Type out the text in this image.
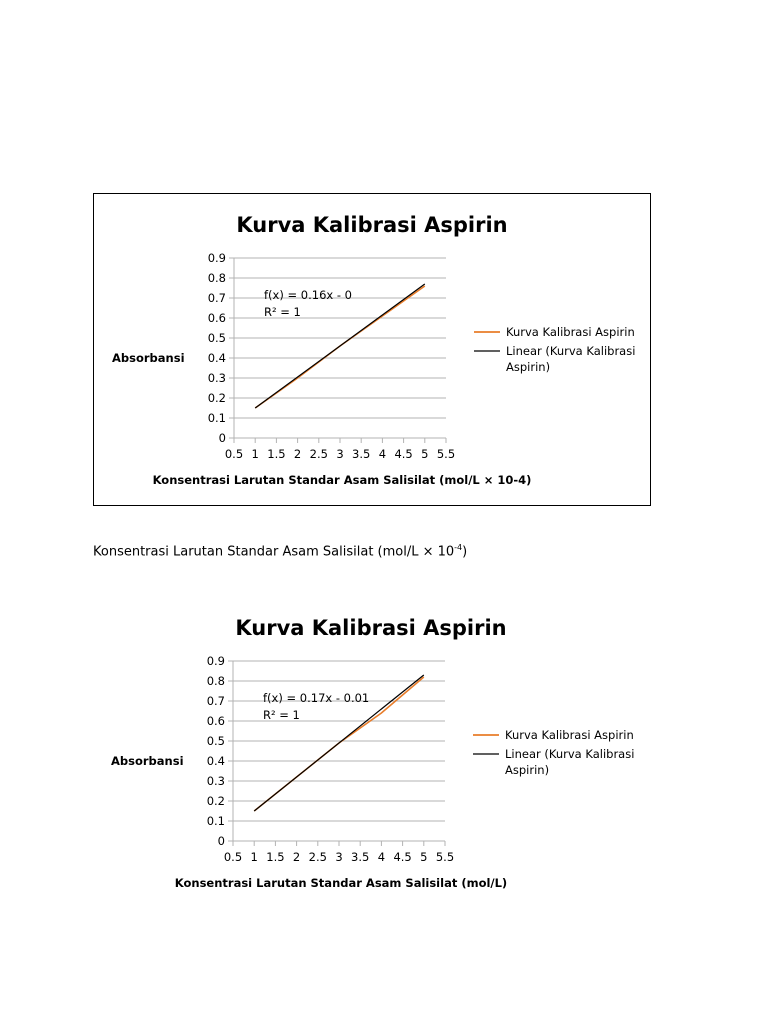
Kurva Kalibrasi Aspirin
0
0.1
0.2
0.3
0.4
0.5
0.6
0.7
0.8
0.9
0.5 1 1.5 2 2.5 3 3.5 4 4.5 5 5.5
f(x) = 0.16x - 0
R² = 1
Absorbansi
Konsentrasi Larutan Standar Asam Salisilat (mol/L × 10-4)
Kurva Kalibrasi Aspirin
Linear (Kurva Kalibrasi
Aspirin)
Konsentrasi Larutan Standar Asam Salisilat $(mol/L \times 10^{-4})$
Kurva Kalibrasi Aspirin
0
0.1
0.2
0.3
0.4
0.5
0.6
0.7
0.8
0.9
0.5 1 1.5 2 2.5 3 3.5 4 4.5 5 5.5
f(x) = 0.17x - 0.01
R² = 1
Absorbansi
Konsentrasi Larutan Standar Asam Salisilat (mol/L)
Kurva Kalibrasi Aspirin
Linear (Kurva Kalibrasi
Aspirin)
